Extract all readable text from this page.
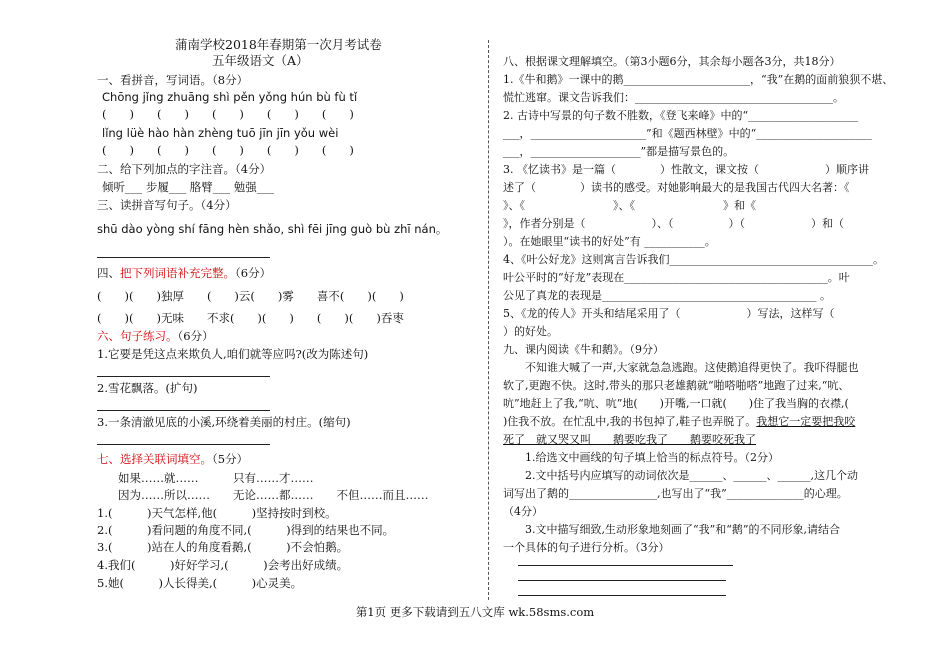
蒲南学校2018年春期第一次月考试卷
五年级语文（A）
一、看拼音，写词语。（8分）
Chōng jǐng zhuāng shì pěn yǒng hún bù fù tǐ
(　　)　　(　　)　　(　　)　　(　　)　　(　　)
lǐng lüè hào hàn zhèng tuō jīn jīn yǒu wèi
(　　)　　(　　)　　(　　)　　(　　)　　(　　)
二、给下列加点的字注音。（4分）
倾听___ 步履___ 胳臂___ 勉强___
三、读拼音写句子。（4分）
shū dào yòng shí fāng hèn shǎo, shì fēi jīng guò bù zhī nán。
四、把下列词语补充完整。（6分）
(　　)(　　)独厚　　(　　)云(　　)雾　　喜不(　　)(　　)
(　　)(　　)无味　　不求(　　)(　　)　　(　　)(　　)吞枣
六、句子练习。（6分）
1.它要是凭这点来欺负人,咱们就等应吗?(改为陈述句)
2.雪花飘落。(扩句)
3.一条清澈见底的小溪,环绕着美丽的村庄。(缩句)
七、选择关联词填空。（5分）
如果……就……　　　只有……才……
因为……所以……　　无论……都……　　不但……而且……
1.(　　　)天气怎样,他(　　　)坚持按时到校。
2.(　　　)看问题的角度不同,(　　　)得到的结果也不同。
3.(　　　)站在人的角度看鹅,(　　　)不会怕鹅。
4.我们(　　　)好好学习,(　　　)会考出好成绩。
5.她(　　　)人长得美,(　　　)心灵美。
八、根据课文理解填空。（第3小题6分，其余每小题各3分，共18分）
1.《牛和鹅》一课中的鹅_______________________，“我”在鹅的面前狼狈不堪、
慌忙逃窜。课文告诉我们：____________________________________。
2. 古诗中写景的句子数不胜数，《登飞来峰》中的“____________________
___，_____________________”和《题西林壁》中的“_____________________
___，____________________”都是描写景色的。
3. 《忆读书》是一篇（　　　　）性散文，课文按（　　　　　　）顺序讲
述了（　　　　）读书的感受。对她影响最大的是我国古代四大名著：《
》、《　　　　　　　　》、《　　　　　　　　》和《
》，作者分别是（　　　　　　）、（　　　　　）（　　　　　　）和（
）。在她眼里“读书的好处”有 ___________。
4、《叶公好龙》这则寓言告诉我们_____________________________________。
叶公平时的“好龙”表现在_____________________________________。叶
公见了真龙的表现是_______________________________________ 。
5、《龙的传人》开头和结尾采用了（　　　　　　）写法，这样写（　　　
）的好处。
九、课内阅读《牛和鹅》。（9分）
不知谁大喊了一声,大家就急急逃跑。这使鹅追得更快了。我吓得腿也
软了,更跑不快。这时,带头的那只老雄鹅就“啪嗒啪嗒”地跑了过来,“吭、
吭”地赶上了我,“吭、吭”地(　　)开嘴,一口就(　　)住了我当胸的衣襟,(
)住我不放。在忙乱中,我的书包掉了,鞋子也弄脱了。我想它一定要把我咬
死了　就又哭又叫　　鹅要吃我了　　鹅要咬死我了
1.给选文中画线的句子填上恰当的标点符号。（2分）
2.文中括号内应填写的动词依次是______、______、______,这几个动
词写出了鹅的________________,也写出了“我”______________的心理。
（4分）
3.文中描写细致,生动形象地刻画了“我”和“鹅”的不同形象,请结合
一个具体的句子进行分析。（3分）
第1页 更多下载请到五八文库 wk.58sms.com
